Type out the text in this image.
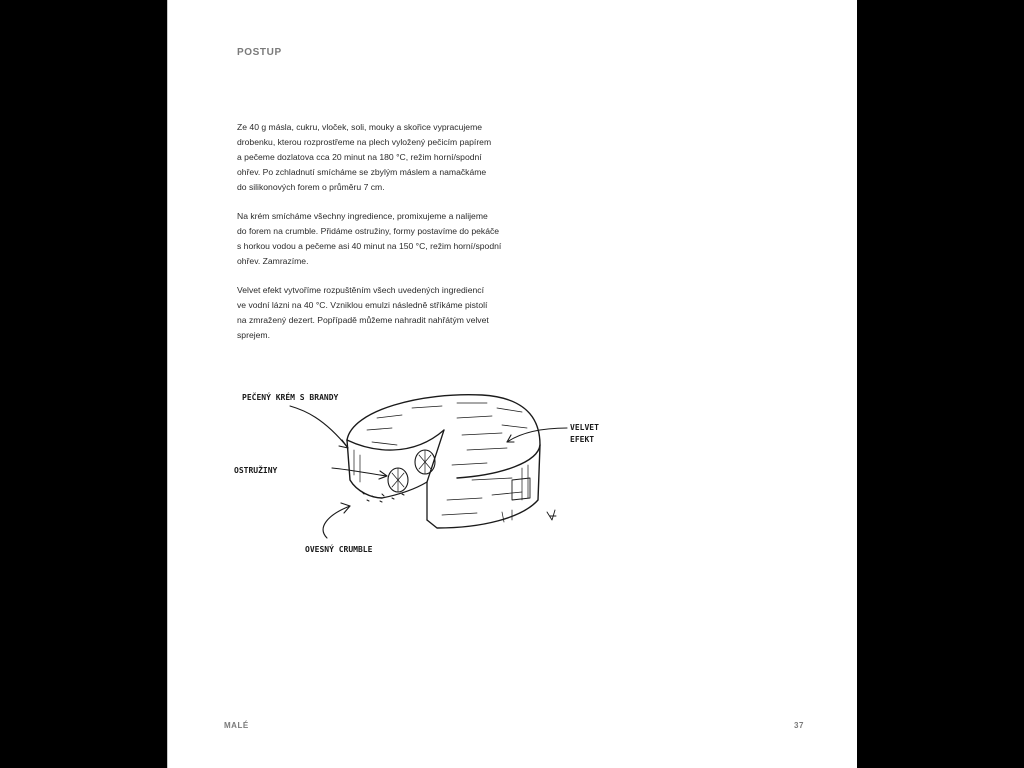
POSTUP

Ze 40 g másla, cukru, vloček, soli, mouky a skořice vypracujeme
drobenku, kterou rozprostřeme na plech vyložený pečicím papírem
a pečeme dozlatova cca 20 minut na 180 °C, režim horní/spodní
ohřev. Po zchladnutí smícháme se zbylým máslem a namačkáme
do silikonových forem o průměru 7 cm.

Na krém smícháme všechny ingredience, promixujeme a nalijeme
do forem na crumble. Přidáme ostružiny, formy postavíme do pekáče
s horkou vodou a pečeme asi 40 minut na 150 °C, režim horní/spodní
ohřev. Zamrazíme.

Velvet efekt vytvoříme rozpuštěním všech uvedených ingrediencí
ve vodní lázni na 40 °C. Vzniklou emulzi následně stříkáme pistolí
na zmražený dezert. Popřípadě můžeme nahradit nahřátým velvet
sprejem.

PEČENÝ KRÉM S BRANDY
OSTRUŽINY
OVESNÝ CRUMBLE
VELVET
EFEKT
MALÉ	37
